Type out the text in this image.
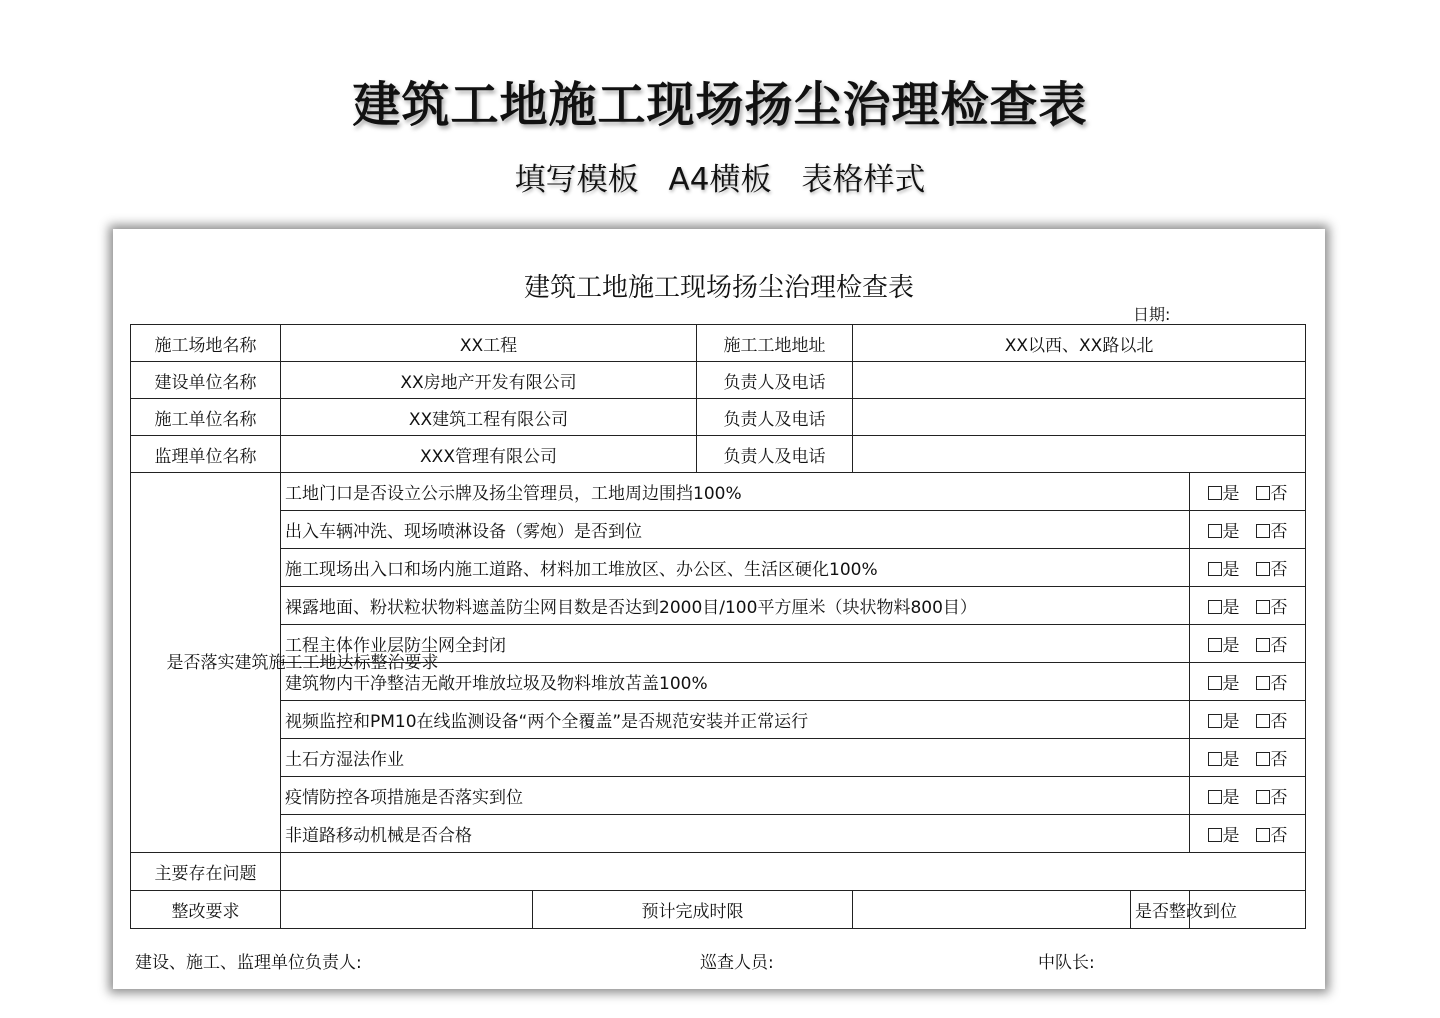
建筑工地施工现场扬尘治理检查表
填写模板 A4横板 表格样式
建筑工地施工现场扬尘治理检查表
日期:
施工场地名称	XX工程		施工工地地址	XX以西、XX路以北		
建设单位名称	XX房地产开发有限公司		负责人及电话			
施工单位名称	XX建筑工程有限公司		负责人及电话			
监理单位名称	XXX管理有限公司		负责人及电话			

是否落实建筑施工工地达标整治要求	工地门口是否设立公示牌及扬尘管理员，工地周边围挡100%					是 否
	出入车辆冲洗、现场喷淋设备（雾炮）是否到位					是 否
	施工现场出入口和场内施工道路、材料加工堆放区、办公区、生活区硬化100%					是 否
	裸露地面、粉状粒状物料遮盖防尘网目数是否达到2000目/100平方厘米（块状物料800目）					是 否
	工程主体作业层防尘网全封闭					是 否
	建筑物内干净整洁无敞开堆放垃圾及物料堆放苫盖100%					是 否
	视频监控和PM10在线监测设备“两个全覆盖”是否规范安装并正常运行					是 否
	土石方湿法作业					是 否
	疫情防控各项措施是否落实到位					是 否
	非道路移动机械是否合格					是 否
主要存在问题						
整改要求		预计完成时限			是否整改到位	
建设、施工、监理单位负责人:	巡查人员:	中队长:
